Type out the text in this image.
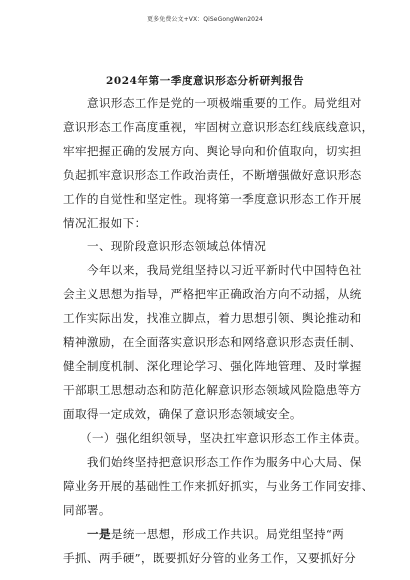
更多免费公文+VX：QiSeGongWen2024
2024年第一季度意识形态分析研判报告
意识形态工作是党的一项极端重要的工作。局党组对
意识形态工作高度重视，牢固树立意识形态红线底线意识，
牢牢把握正确的发展方向、舆论导向和价值取向，切实担
负起抓牢意识形态工作政治责任，不断增强做好意识形态
工作的自觉性和坚定性。现将第一季度意识形态工作开展
情况汇报如下：
一、现阶段意识形态领域总体情况
今年以来，我局党组坚持以习近平新时代中国特色社
会主义思想为指导，严格把牢正确政治方向不动摇，从统
工作实际出发，找准立脚点，着力思想引领、舆论推动和
精神激励，在全面落实意识形态和网络意识形态责任制、
健全制度机制、深化理论学习、强化阵地管理、及时掌握
干部职工思想动态和防范化解意识形态领域风险隐患等方
面取得一定成效，确保了意识形态领域安全。
（一）强化组织领导，坚决扛牢意识形态工作主体责。
我们始终坚持把意识形态工作作为服务中心大局、保
障业务开展的基础性工作来抓好抓实，与业务工作同安排、
同部署。
一是是统一思想，形成工作共识。局党组坚持“两
手抓、两手硬”，既要抓好分管的业务工作，又要抓好分
